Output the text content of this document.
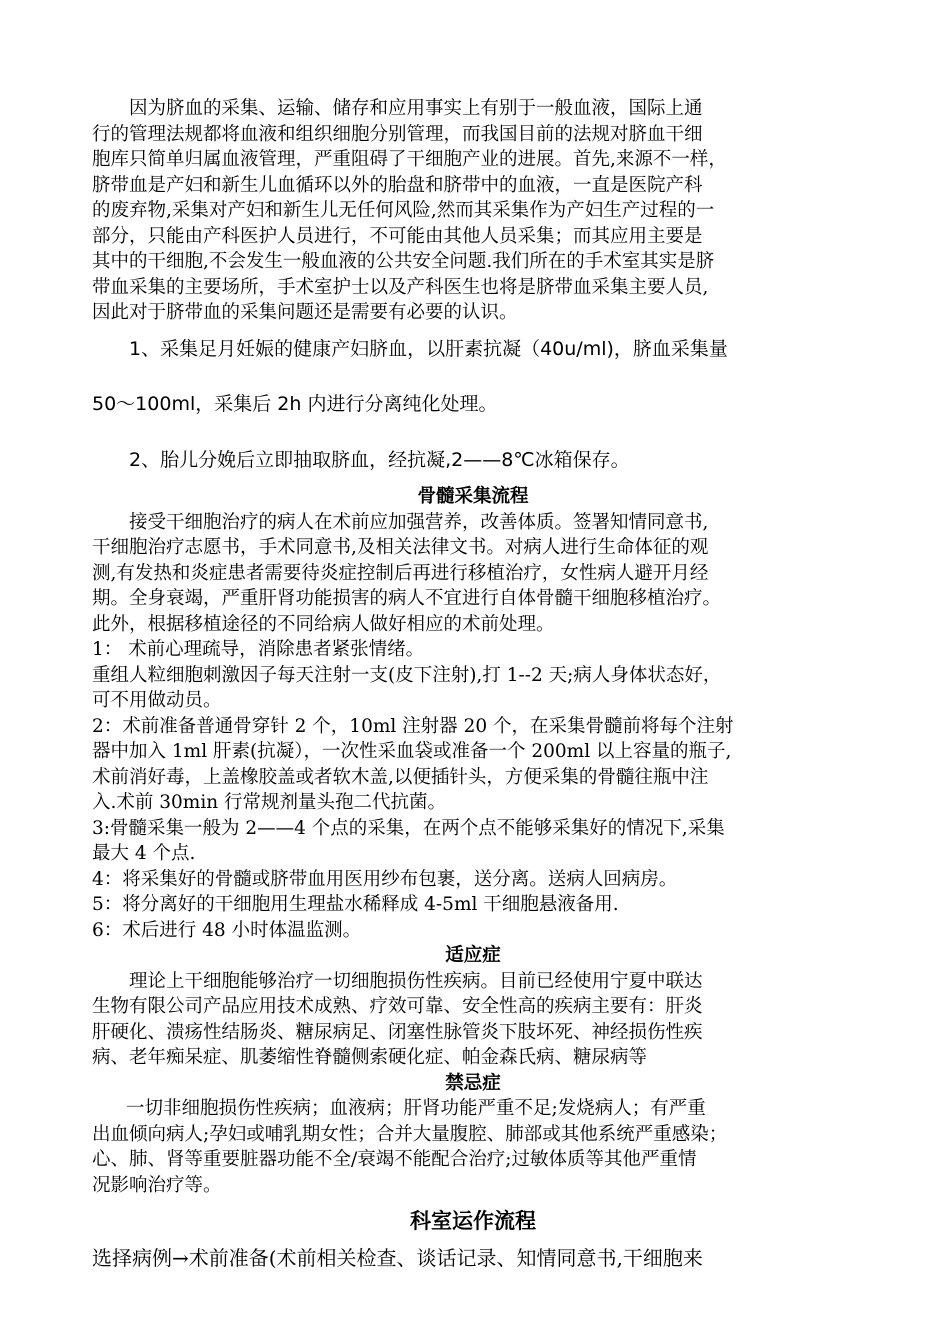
因为脐血的采集、运输、储存和应用事实上有别于一般血液，国际上通

行的管理法规都将血液和组织细胞分别管理，而我国目前的法规对脐血干细

胞库只简单归属血液管理，严重阻碍了干细胞产业的进展。首先,来源不一样，

脐带血是产妇和新生儿血循环以外的胎盘和脐带中的血液，一直是医院产科

的废弃物,采集对产妇和新生儿无任何风险,然而其采集作为产妇生产过程的一

部分，只能由产科医护人员进行，不可能由其他人员采集；而其应用主要是

其中的干细胞,不会发生一般血液的公共安全问题.我们所在的手术室其实是脐

带血采集的主要场所，手术室护士以及产科医生也将是脐带血采集主要人员,

因此对于脐带血的采集问题还是需要有必要的认识。

1、采集足月妊娠的健康产妇脐血，以肝素抗凝（40u/ml)，脐血采集量

50～100ml，采集后 2h 内进行分离纯化处理。

2、胎儿分娩后立即抽取脐血，经抗凝,2——8℃冰箱保存。

骨髓采集流程

接受干细胞治疗的病人在术前应加强营养，改善体质。签署知情同意书,

干细胞治疗志愿书，手术同意书,及相关法律文书。对病人进行生命体征的观

测,有发热和炎症患者需要待炎症控制后再进行移植治疗，女性病人避开月经

期。全身衰竭，严重肝肾功能损害的病人不宜进行自体骨髓干细胞移植治疗。

此外，根据移植途径的不同给病人做好相应的术前处理。

1： 术前心理疏导，消除患者紧张情绪。

重组人粒细胞刺激因子每天注射一支(皮下注射),打 1--2 天;病人身体状态好，

可不用做动员。

2：术前准备普通骨穿针 2 个，10ml 注射器 20 个，在采集骨髓前将每个注射

器中加入 1ml 肝素(抗凝），一次性采血袋或准备一个 200ml 以上容量的瓶子,

术前消好毒，上盖橡胶盖或者软木盖,以便插针头，方便采集的骨髓往瓶中注

入.术前 30min 行常规剂量头孢二代抗菌。

3:骨髓采集一般为 2——4 个点的采集，在两个点不能够采集好的情况下,采集

最大 4 个点.

4：将采集好的骨髓或脐带血用医用纱布包裹，送分离。送病人回病房。

5：将分离好的干细胞用生理盐水稀释成 4-5ml 干细胞悬液备用.

6：术后进行 48 小时体温监测。

适应症

理论上干细胞能够治疗一切细胞损伤性疾病。目前已经使用宁夏中联达

生物有限公司产品应用技术成熟、疗效可靠、安全性高的疾病主要有：肝炎

肝硬化、溃疡性结肠炎、糖尿病足、闭塞性脉管炎下肢坏死、神经损伤性疾

病、老年痴呆症、肌萎缩性脊髓侧索硬化症、帕金森氏病、糖尿病等

禁忌症

一切非细胞损伤性疾病；血液病；肝肾功能严重不足;发烧病人；有严重

出血倾向病人;孕妇或哺乳期女性；合并大量腹腔、肺部或其他系统严重感染；

心、肺、肾等重要脏器功能不全/衰竭不能配合治疗;过敏体质等其他严重情

况影响治疗等。

科室运作流程

选择病例→术前准备(术前相关检查、谈话记录、知情同意书,干细胞来
